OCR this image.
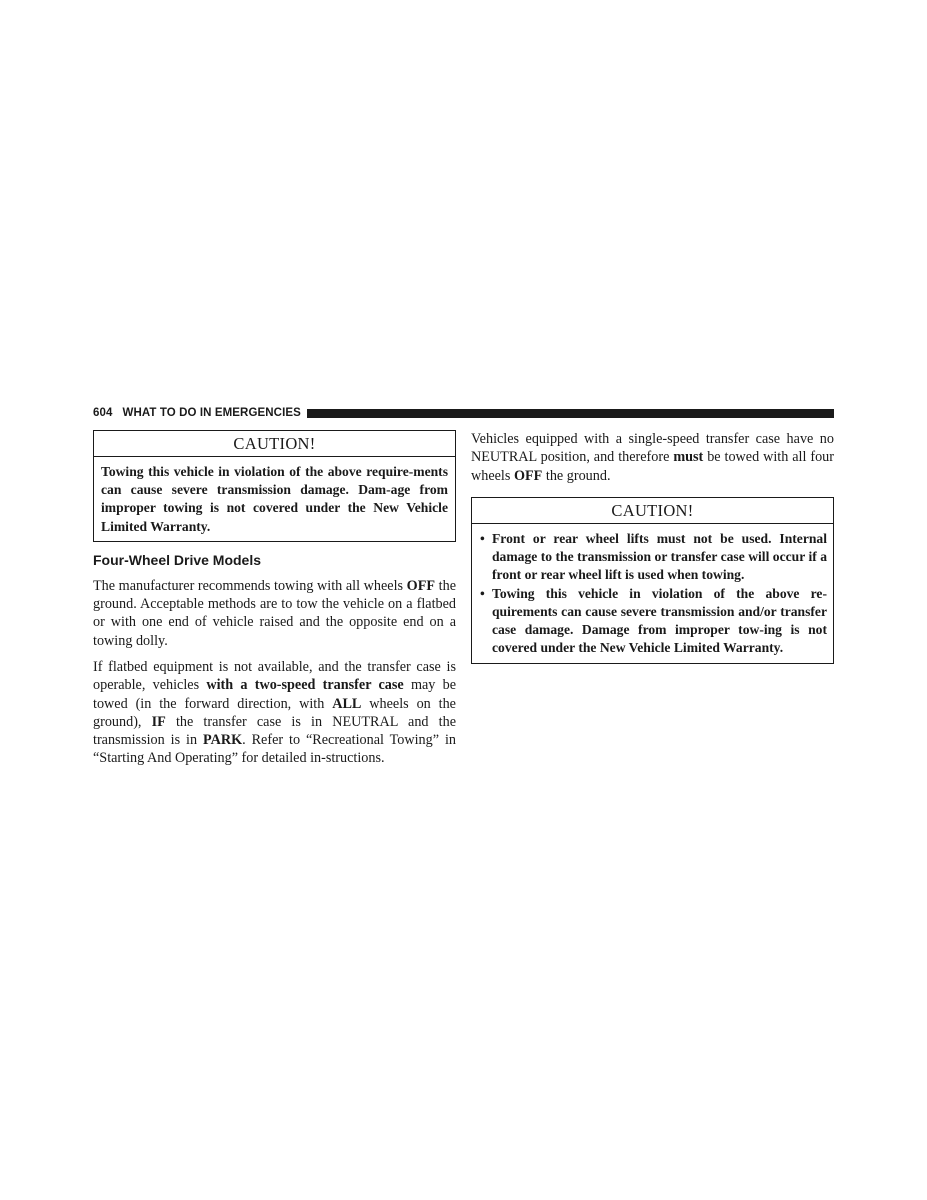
604 WHAT TO DO IN EMERGENCIES
CAUTION!
Towing this vehicle in violation of the above require-ments can cause severe transmission damage. Dam-age from improper towing is not covered under the New Vehicle Limited Warranty.
Four-Wheel Drive Models

The manufacturer recommends towing with all wheels OFF the ground. Acceptable methods are to tow the vehicle on a flatbed or with one end of vehicle raised and the opposite end on a towing dolly.

If flatbed equipment is not available, and the transfer case is operable, vehicles with a two-speed transfer case may be towed (in the forward direction, with ALL wheels on the ground), IF the transfer case is in NEUTRAL and the transmission is in PARK. Refer to “Recreational Towing” in “Starting And Operating” for detailed in-structions.

Vehicles equipped with a single-speed transfer case have no NEUTRAL position, and therefore must be towed with all four wheels OFF the ground.

CAUTION!
• Front or rear wheel lifts must not be used. Internal damage to the transmission or transfer case will occur if a front or rear wheel lift is used when towing.
• Towing this vehicle in violation of the above re-quirements can cause severe transmission and/or transfer case damage. Damage from improper tow-ing is not covered under the New Vehicle Limited Warranty.
